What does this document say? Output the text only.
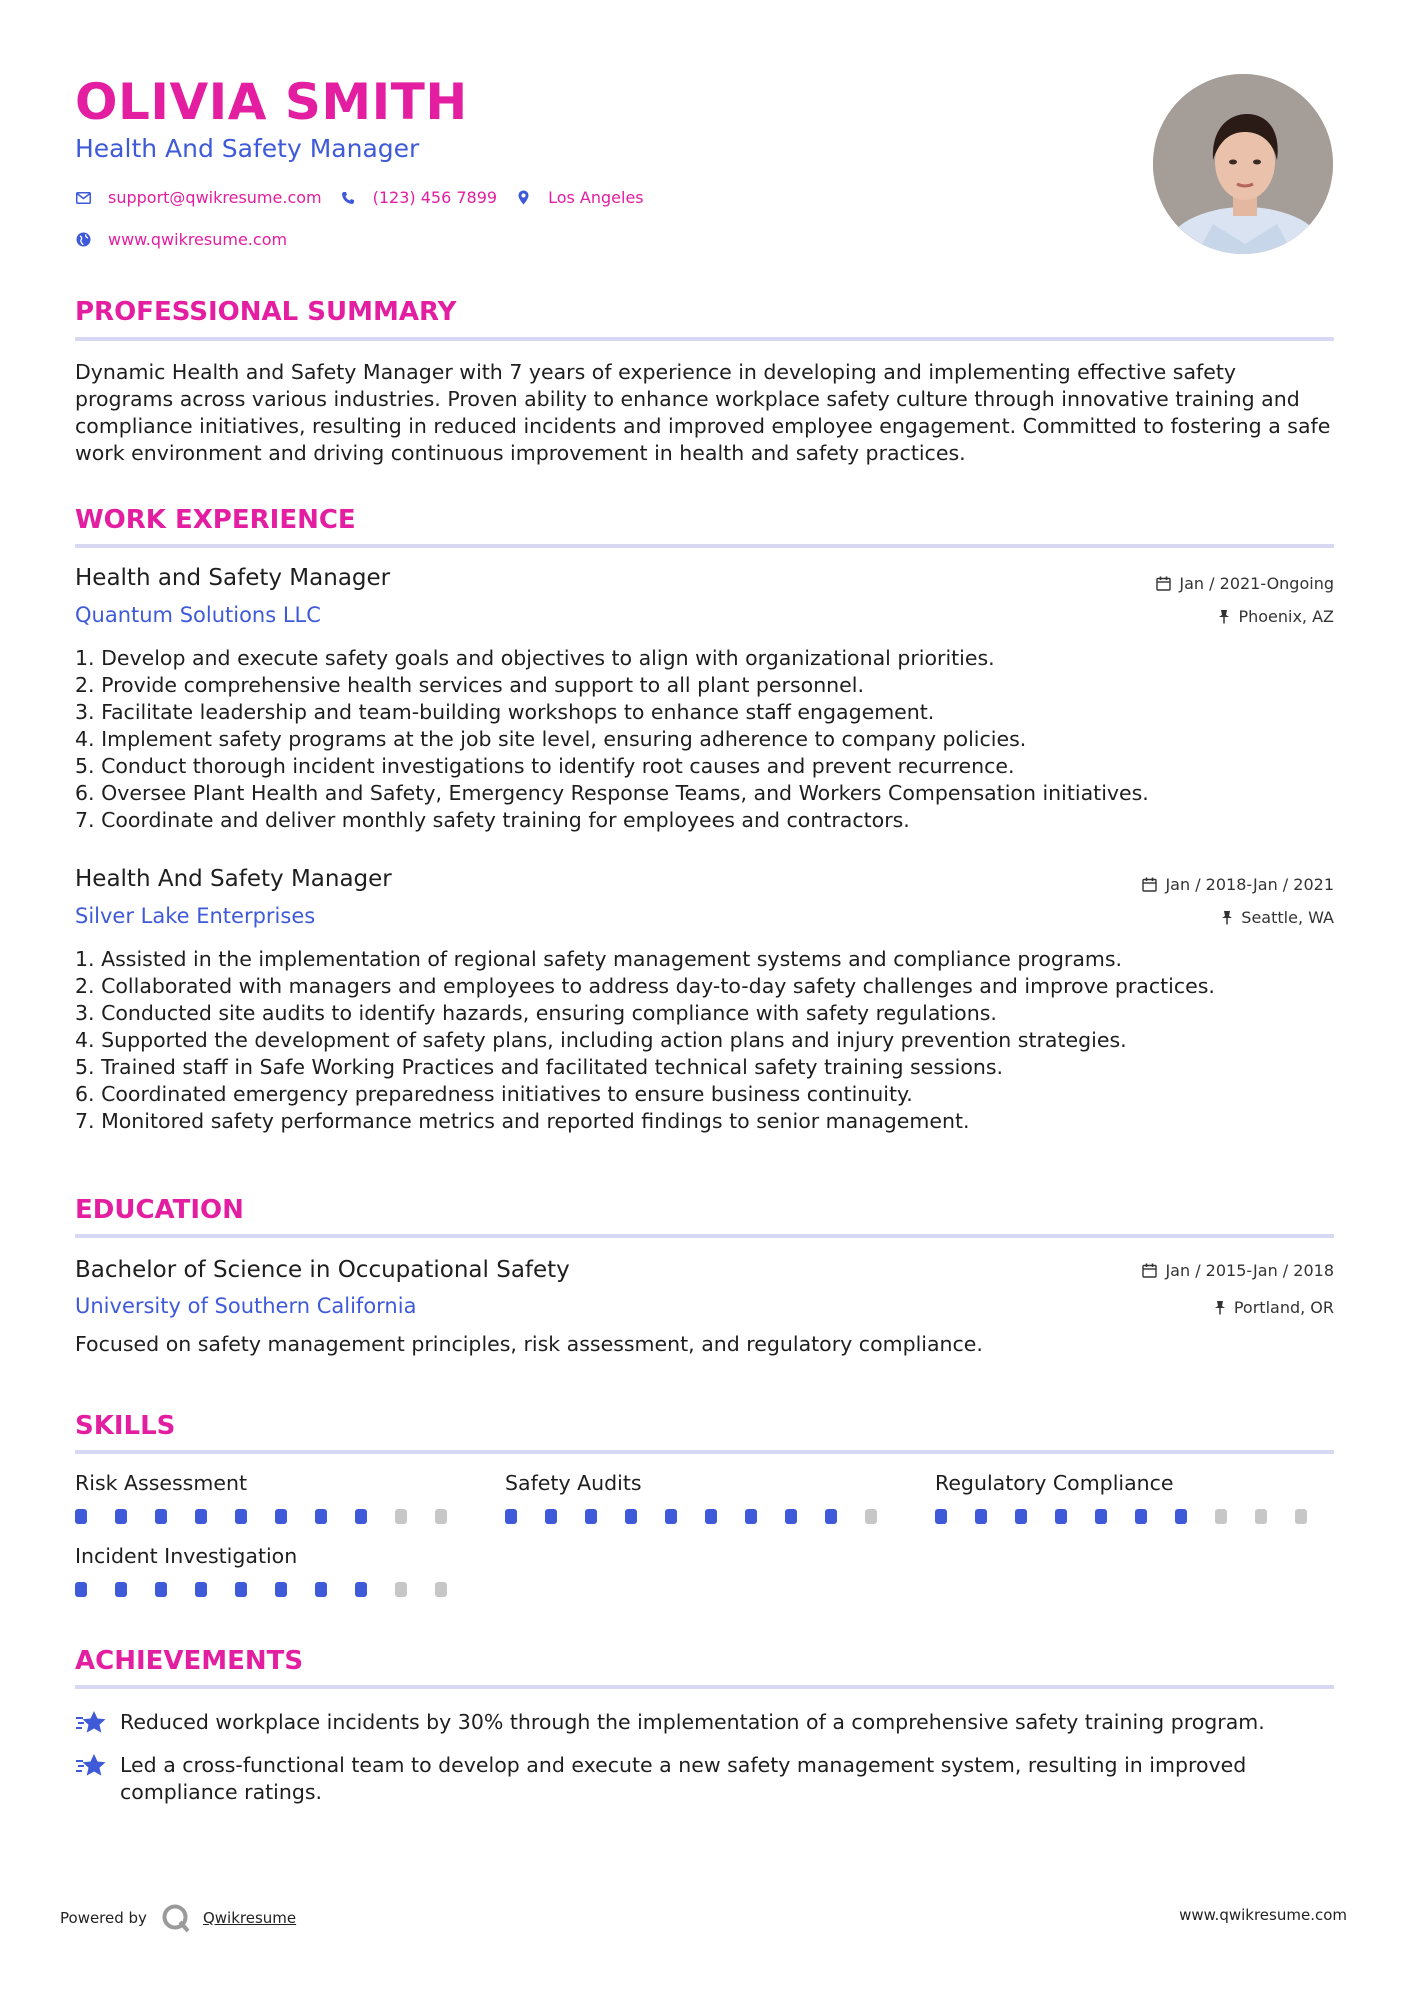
OLIVIA SMITH
Health And Safety Manager
support@qwikresume.com	(123) 456 7899	Los Angeles
www.qwikresume.com
PROFESSIONAL SUMMARY
Dynamic Health and Safety Manager with 7 years of experience in developing and implementing effective safety programs across various industries. Proven ability to enhance workplace safety culture through innovative training and compliance initiatives, resulting in reduced incidents and improved employee engagement. Committed to fostering a safe work environment and driving continuous improvement in health and safety practices.
WORK EXPERIENCE
Health and Safety Manager	Jan / 2021-Ongoing
Quantum Solutions LLC	Phoenix, AZ
1. Develop and execute safety goals and objectives to align with organizational priorities.
2. Provide comprehensive health services and support to all plant personnel.
3. Facilitate leadership and team-building workshops to enhance staff engagement.
4. Implement safety programs at the job site level, ensuring adherence to company policies.
5. Conduct thorough incident investigations to identify root causes and prevent recurrence.
6. Oversee Plant Health and Safety, Emergency Response Teams, and Workers Compensation initiatives.
7. Coordinate and deliver monthly safety training for employees and contractors.
Health And Safety Manager	Jan / 2018-Jan / 2021
Silver Lake Enterprises	Seattle, WA
1. Assisted in the implementation of regional safety management systems and compliance programs.
2. Collaborated with managers and employees to address day-to-day safety challenges and improve practices.
3. Conducted site audits to identify hazards, ensuring compliance with safety regulations.
4. Supported the development of safety plans, including action plans and injury prevention strategies.
5. Trained staff in Safe Working Practices and facilitated technical safety training sessions.
6. Coordinated emergency preparedness initiatives to ensure business continuity.
7. Monitored safety performance metrics and reported findings to senior management.
EDUCATION
Bachelor of Science in Occupational Safety	Jan / 2015-Jan / 2018
University of Southern California	Portland, OR
Focused on safety management principles, risk assessment, and regulatory compliance.
SKILLS
Risk Assessment	Safety Audits	Regulatory Compliance
Incident Investigation
ACHIEVEMENTS
Reduced workplace incidents by 30% through the implementation of a comprehensive safety training program.
Led a cross-functional team to develop and execute a new safety management system, resulting in improved compliance ratings.
Powered by	Qwikresume	www.qwikresume.com
